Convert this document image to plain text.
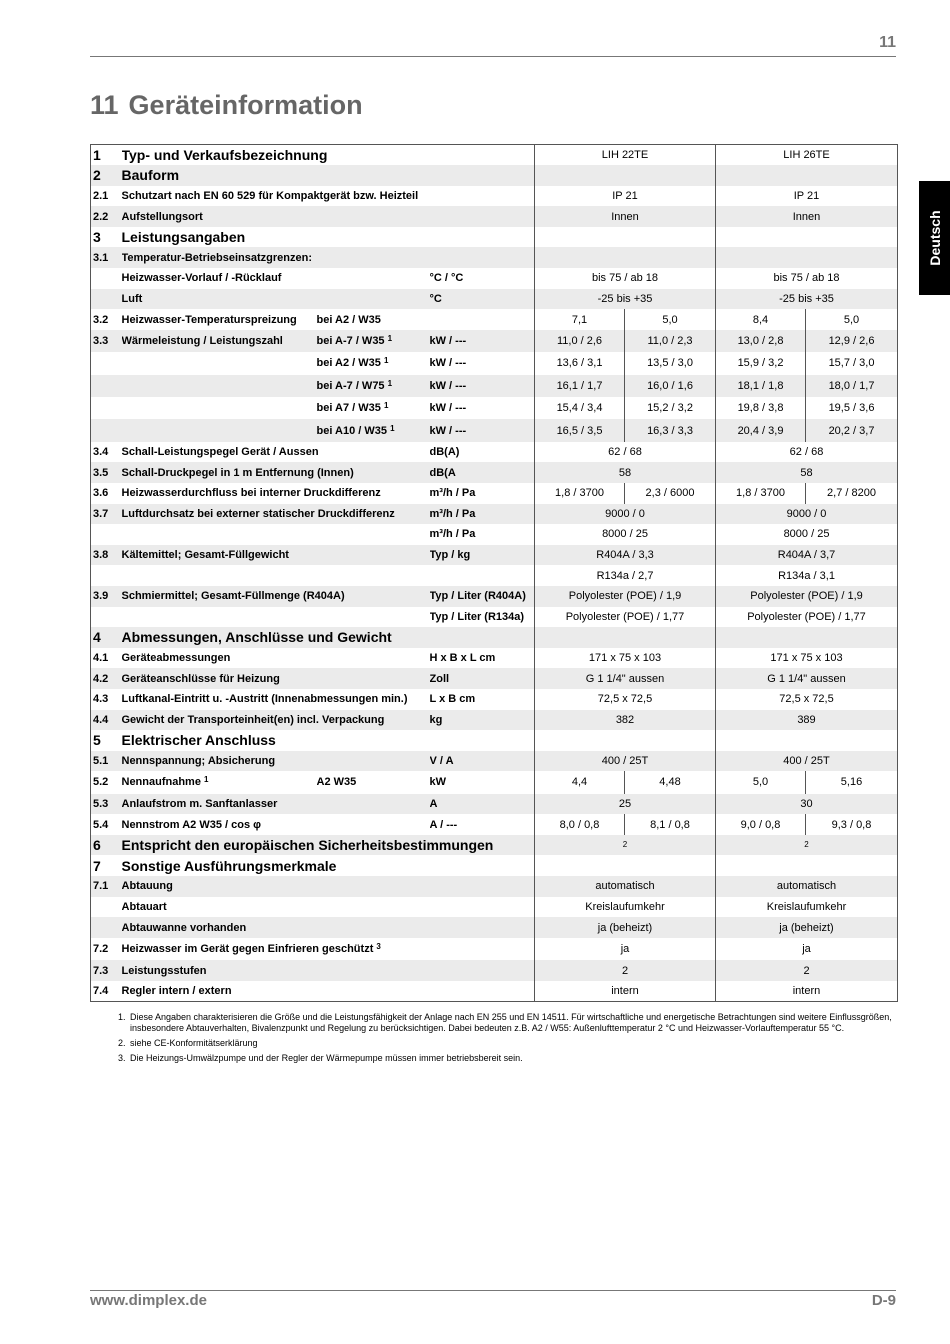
11
11 Geräteinformation
Deutsch
1	Typ- und Verkaufsbezeichnung			LIH 22TE		LIH 26TE	
2	Bauform						
2.1	Schutzart nach EN 60 529 für Kompaktgerät bzw. Heizteil			IP 21		IP 21	
2.2	Aufstellungsort			Innen		Innen	
3	Leistungsangaben						
3.1	Temperatur-Betriebseinsatzgrenzen:						
	Heizwasser-Vorlauf / -Rücklauf		°C / °C	bis 75 / ab 18		bis 75 / ab 18	
	Luft		°C	-25 bis +35		-25 bis +35	
3.2	Heizwasser-Temperaturspreizung	bei A2 / W35		7,1	5,0	8,4	5,0
3.3	Wärmeleistung / Leistungszahl	bei A-7 / W35 $^1$	kW / ---	11,0 / 2,6	11,0 / 2,3	13,0 / 2,8	12,9 / 2,6
		bei A2 / W35 $^1$	kW / ---	13,6 / 3,1	13,5 / 3,0	15,9 / 3,2	15,7 / 3,0
		bei A-7 / W75 $^1$	kW / ---	16,1 / 1,7	16,0 / 1,6	18,1 / 1,8	18,0 / 1,7
		bei A7 / W35 $^1$	kW / ---	15,4 / 3,4	15,2 / 3,2	19,8 / 3,8	19,5 / 3,6
		bei A10 / W35 $^1$	kW / ---	16,5 / 3,5	16,3 / 3,3	20,4 / 3,9	20,2 / 3,7
3.4	Schall-Leistungspegel Gerät / Aussen		dB(A)	62 / 68		62 / 68	
3.5	Schall-Druckpegel in 1 m Entfernung (Innen)		dB(A	58		58	
3.6	Heizwasserdurchfluss bei interner Druckdifferenz		m³/h / Pa	1,8 / 3700	2,3 / 6000	1,8 / 3700	2,7 / 8200
3.7	Luftdurchsatz bei externer statischer Druckdifferenz		m³/h / Pa	9000 / 0		9000 / 0	
			m³/h / Pa	8000 / 25		8000 / 25	
3.8	Kältemittel; Gesamt-Füllgewicht		Typ / kg	R404A / 3,3		R404A / 3,7	
				R134a / 2,7		R134a / 3,1	
3.9	Schmiermittel; Gesamt-Füllmenge (R404A)		Typ / Liter (R404A)	Polyolester (POE) / 1,9		Polyolester (POE) / 1,9	
			Typ / Liter (R134a)	Polyolester (POE) / 1,77		Polyolester (POE) / 1,77	
4	Abmessungen, Anschlüsse und Gewicht						
4.1	Geräteabmessungen		H x B x L cm	171 x 75 x 103		171 x 75 x 103	
4.2	Geräteanschlüsse für Heizung		Zoll	G 1 1/4" aussen		G 1 1/4" aussen	
4.3	Luftkanal-Eintritt u. -Austritt (Innenabmessungen min.)		L x B cm	72,5 x 72,5		72,5 x 72,5	
4.4	Gewicht der Transporteinheit(en) incl. Verpackung		kg	382		389	
5	Elektrischer Anschluss						
5.1	Nennspannung; Absicherung		V / A	400 / 25T		400 / 25T	
5.2	Nennaufnahme $^1$	A2 W35	kW	4,4	4,48	5,0	5,16
5.3	Anlaufstrom m. Sanftanlasser		A	25		30	
5.4	Nennstrom A2 W35 / cos φ		A / ---	8,0 / 0,8	8,1 / 0,8	9,0 / 0,8	9,3 / 0,8
6	Entspricht den europäischen Sicherheitsbestimmungen			$^2$		$^2$
7	Sonstige Ausführungsmerkmale						
7.1	Abtauung			automatisch		automatisch	
	Abtauart			Kreislaufumkehr		Kreislaufumkehr	
	Abtauwanne vorhanden			ja (beheizt)		ja (beheizt)	
7.2	Heizwasser im Gerät gegen Einfrieren geschützt $^3$			ja		ja	
7.3	Leistungsstufen			2		2	
7.4	Regler intern / extern			intern		intern	
1. Diese Angaben charakterisieren die Größe und die Leistungsfähigkeit der Anlage nach EN 255 und EN 14511. Für wirtschaftliche und energetische Betrachtungen sind weitere Einflussgrößen, insbesondere Abtauverhalten, Bivalenzpunkt und Regelung zu berücksichtigen. Dabei bedeuten z.B. A2 / W55: Außenlufttemperatur 2 °C und Heizwasser-Vorlauftemperatur 55 °C.
2. siehe CE-Konformitätserklärung
3. Die Heizungs-Umwälzpumpe und der Regler der Wärmepumpe müssen immer betriebsbereit sein.
www.dimplex.de	D-9
